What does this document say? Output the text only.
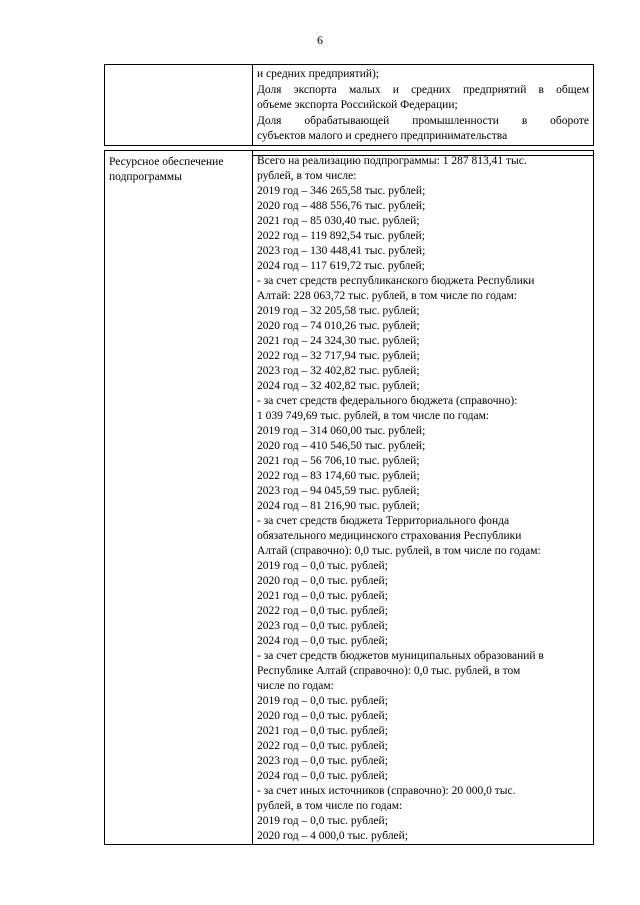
6
и средних предприятий);
Доля экспорта малых и средних предприятий в общем
объеме экспорта Российской Федерации;
Доля обрабатывающей промышленности в обороте
субъектов малого и среднего предпринимательства
Ресурсное обеспечение
подпрограммы
Всего на реализацию подпрограммы: 1 287 813,41 тыс.
рублей, в том числе:
2019 год – 346 265,58 тыс. рублей;
2020 год – 488 556,76 тыс. рублей;
2021 год – 85 030,40 тыс. рублей;
2022 год – 119 892,54 тыс. рублей;
2023 год – 130 448,41 тыс. рублей;
2024 год – 117 619,72 тыс. рублей;
- за счет средств республиканского бюджета Республики
Алтай: 228 063,72 тыс. рублей, в том числе по годам:
2019 год – 32 205,58 тыс. рублей;
2020 год – 74 010,26 тыс. рублей;
2021 год – 24 324,30 тыс. рублей;
2022 год – 32 717,94 тыс. рублей;
2023 год – 32 402,82 тыс. рублей;
2024 год – 32 402,82 тыс. рублей;
- за счет средств федерального бюджета (справочно):
1 039 749,69 тыс. рублей, в том числе по годам:
2019 год – 314 060,00 тыс. рублей;
2020 год – 410 546,50 тыс. рублей;
2021 год – 56 706,10 тыс. рублей;
2022 год – 83 174,60 тыс. рублей;
2023 год – 94 045,59 тыс. рублей;
2024 год – 81 216,90 тыс. рублей;
- за счет средств бюджета Территориального фонда
обязательного медицинского страхования Республики
Алтай (справочно): 0,0 тыс. рублей, в том числе по годам:
2019 год – 0,0 тыс. рублей;
2020 год – 0,0 тыс. рублей;
2021 год – 0,0 тыс. рублей;
2022 год – 0,0 тыс. рублей;
2023 год – 0,0 тыс. рублей;
2024 год – 0,0 тыс. рублей;
- за счет средств бюджетов муниципальных образований в
Республике Алтай (справочно): 0,0 тыс. рублей, в том
числе по годам:
2019 год – 0,0 тыс. рублей;
2020 год – 0,0 тыс. рублей;
2021 год – 0,0 тыс. рублей;
2022 год – 0,0 тыс. рублей;
2023 год – 0,0 тыс. рублей;
2024 год – 0,0 тыс. рублей;
- за счет иных источников (справочно): 20 000,0 тыс.
рублей, в том числе по годам:
2019 год – 0,0 тыс. рублей;
2020 год – 4 000,0 тыс. рублей;
